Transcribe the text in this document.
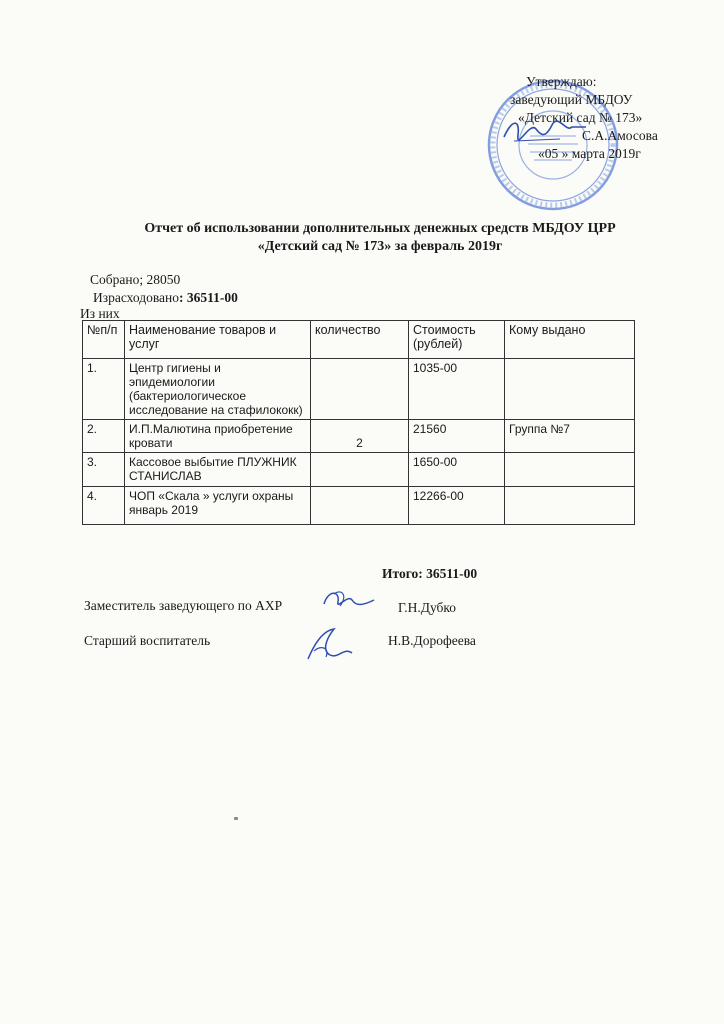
Утверждаю:
заведующий МБДОУ
«Детский сад № 173»
С.А.Амосова
«05 » марта 2019г
Отчет об использовании дополнительных денежных средств МБДОУ ЦРР
«Детский сад № 173» за февраль 2019г
Собрано; 28050
Израсходовано: 36511-00
Из них
№п/п	Наименование товаров и услуг	количество	Стоимость (рублей)	Кому выдано
1.	Центр гигиены и эпидемиологии (бактериологическое исследование на стафилококк)		1035-00	
2.	И.П.Малютина приобретение кровати	2	21560	Группа №7
3.	Кассовое выбытие ПЛУЖНИК СТАНИСЛАВ		1650-00	
4.	ЧОП «Скала » услуги охраны январь 2019		12266-00	
Итого: 36511-00
Заместитель заведующего по АХР	Г.Н.Дубко
Старший воспитатель	Н.В.Дорофеева
